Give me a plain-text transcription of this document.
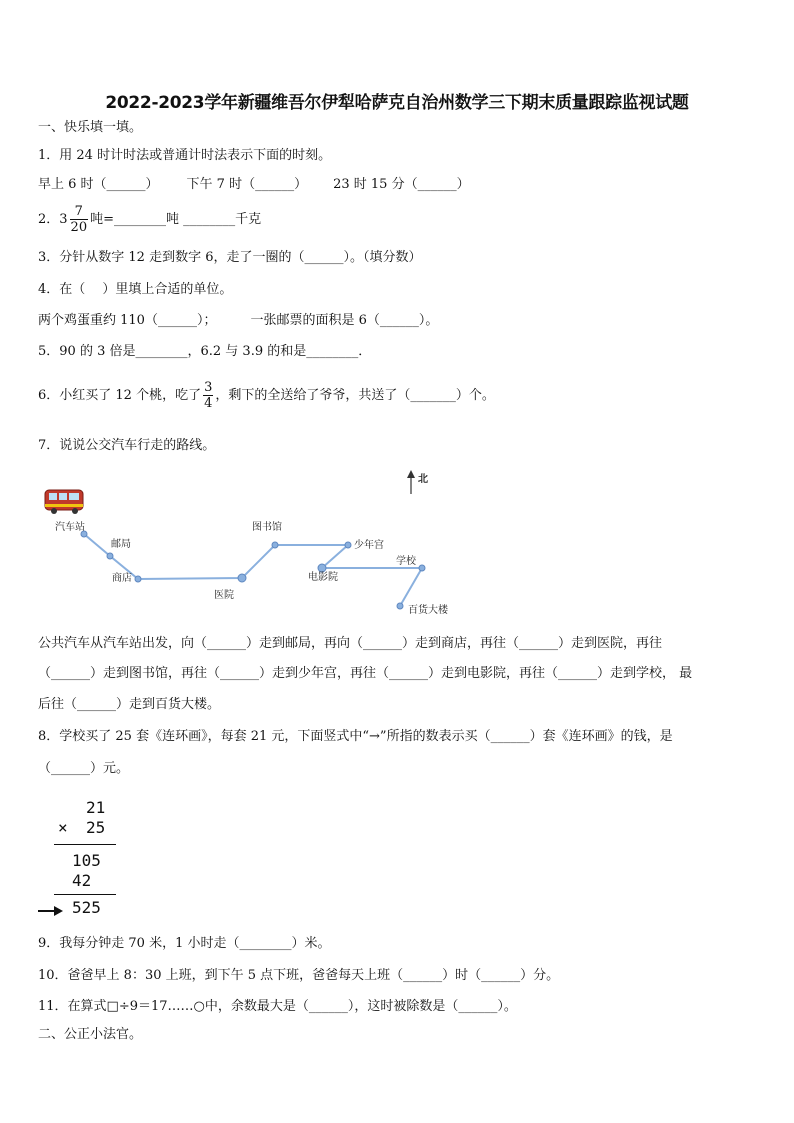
2022-2023学年新疆维吾尔伊犁哈萨克自治州数学三下期末质量跟踪监视试题
一、快乐填一填。
1．用 24 时计时法或普通计时法表示下面的时刻。
早上 6 时（______） 下午 7 时（______） 23 时 15 分（______）
2．$3 \frac{7}{20}$ 吨=________吨 ________千克
3．分针从数字 12 走到数字 6，走了一圈的（______）。（填分数）
4．在（　 ）里填上合适的单位。
两个鸡蛋重约 110（______）；	一张邮票的面积是 6（______）。
5．90 的 3 倍是________，6.2 与 3.9 的和是________．
6．小红买了 12 个桃，吃了 $\frac{3}{4}$ ，剩下的全送给了爷爷，共送了（_______）个。
7．说说公交汽车行走的路线。
北
汽车站
邮局
商店
医院
图书馆
少年宫
电影院
学校
百货大楼
公共汽车从汽车站出发，向（______）走到邮局，再向（______）走到商店，再往（______）走到医院，再往
（______）走到图书馆，再往（______）走到少年宫，再往（______）走到电影院，再往（______）走到学校， 最
后往（______）走到百货大楼。
8．学校买了 25 套《连环画》，每套 21 元，下面竖式中“→”所指的数表示买（______）套《连环画》的钱，是
（______）元。
21
× 25
105
42
525
9．我每分钟走 70 米，1 小时走（________）米。
10．爸爸早上 8：30 上班，到下午 5 点下班，爸爸每天上班（______）时（______）分。
11．在算式□÷9＝17……○中，余数最大是（______），这时被除数是（______）。
二、公正小法官。
